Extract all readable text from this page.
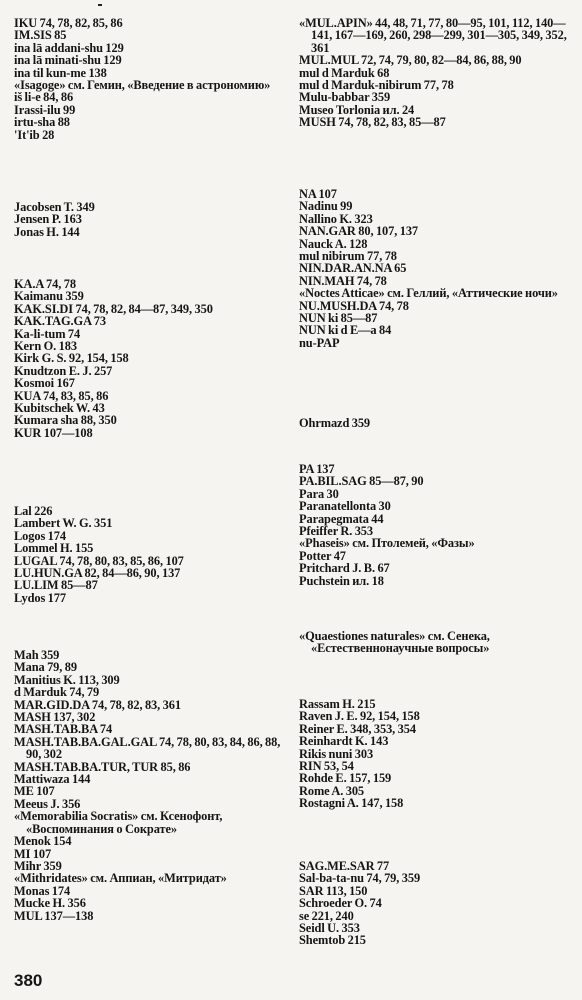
IKU 74, 78, 82, 85, 86
IM.SIS 85
ina lā addani-shu 129
ina lā minati-shu 129
ina til kun-me 138
«Isagoge» см. Гемин, «Введение в астрономию»
iš li-e 84, 86
Irassi-ilu 99
irtu-sha 88
'It'ib 28
Jacobsen T. 349
Jensen P. 163
Jonas H. 144
KA.A 74, 78
Kaimanu 359
KAK.SI.DI 74, 78, 82, 84—87, 349, 350
KAK.TAG.GA 73
Ka-li-tum 74
Kern O. 183
Kirk G. S. 92, 154, 158
Knudtzon E. J. 257
Kosmoi 167
KUA 74, 83, 85, 86
Kubitschek W. 43
Kumara sha 88, 350
KUR 107—108
Lal 226
Lambert W. G. 351
Logos 174
Lommel H. 155
LUGAL 74, 78, 80, 83, 85, 86, 107
LU.HUN.GA 82, 84—86, 90, 137
LU.LIM 85—87
Lydos 177
Mah 359
Mana 79, 89
Manitius K. 113, 309
d Marduk 74, 79
MAR.GID.DA 74, 78, 82, 83, 361
MASH 137, 302
MASH.TAB.BA 74
MASH.TAB.BA.GAL.GAL 74, 78, 80, 83, 84, 86, 88, 90, 302
MASH.TAB.BA.TUR, TUR 85, 86
Mattiwaza 144
ME 107
Meeus J. 356
«Memorabilia Socratis» см. Ксенофонт, «Воспоминания о Сократе»
Menok 154
MI 107
Mihr 359
«Mithridates» см. Аппиан, «Митридат»
Monas 174
Mucke H. 356
MUL 137—138
«MUL.APIN» 44, 48, 71, 77, 80—95, 101, 112, 140—141, 167—169, 260, 298—299, 301—305, 349, 352, 361
MUL.MUL 72, 74, 79, 80, 82—84, 86, 88, 90
mul d Marduk 68
mul d Marduk-nibirum 77, 78
Mulu-babbar 359
Museo Torlonia ил. 24
MUSH 74, 78, 82, 83, 85—87
NA 107
Nadinu 99
Nallino K. 323
NAN.GAR 80, 107, 137
Nauck A. 128
mul nibirum 77, 78
NIN.DAR.AN.NA 65
NIN.MAH 74, 78
«Noctes Atticae» см. Геллий, «Аттические ночи»
NU.MUSH.DA 74, 78
NUN ki 85—87
NUN ki d E—a 84
nu-PAP
Ohrmazd 359
PA 137
PA.BIL.SAG 85—87, 90
Para 30
Paranatellonta 30
Parapegmata 44
Pfeiffer R. 353
«Phaseis» см. Птолемей, «Фазы»
Potter 47
Pritchard J. B. 67
Puchstein ил. 18
«Quaestiones naturales» см. Сенека, «Естественнонаучные вопросы»
Rassam H. 215
Raven J. E. 92, 154, 158
Reiner E. 348, 353, 354
Reinhardt K. 143
Rikis nuni 303
RIN 53, 54
Rohde E. 157, 159
Rome A. 305
Rostagni A. 147, 158
SAG.ME.SAR 77
Sal-ba-ta-nu 74, 79, 359
SAR 113, 150
Schroeder O. 74
se 221, 240
Seidl U. 353
Shemtob 215
380
